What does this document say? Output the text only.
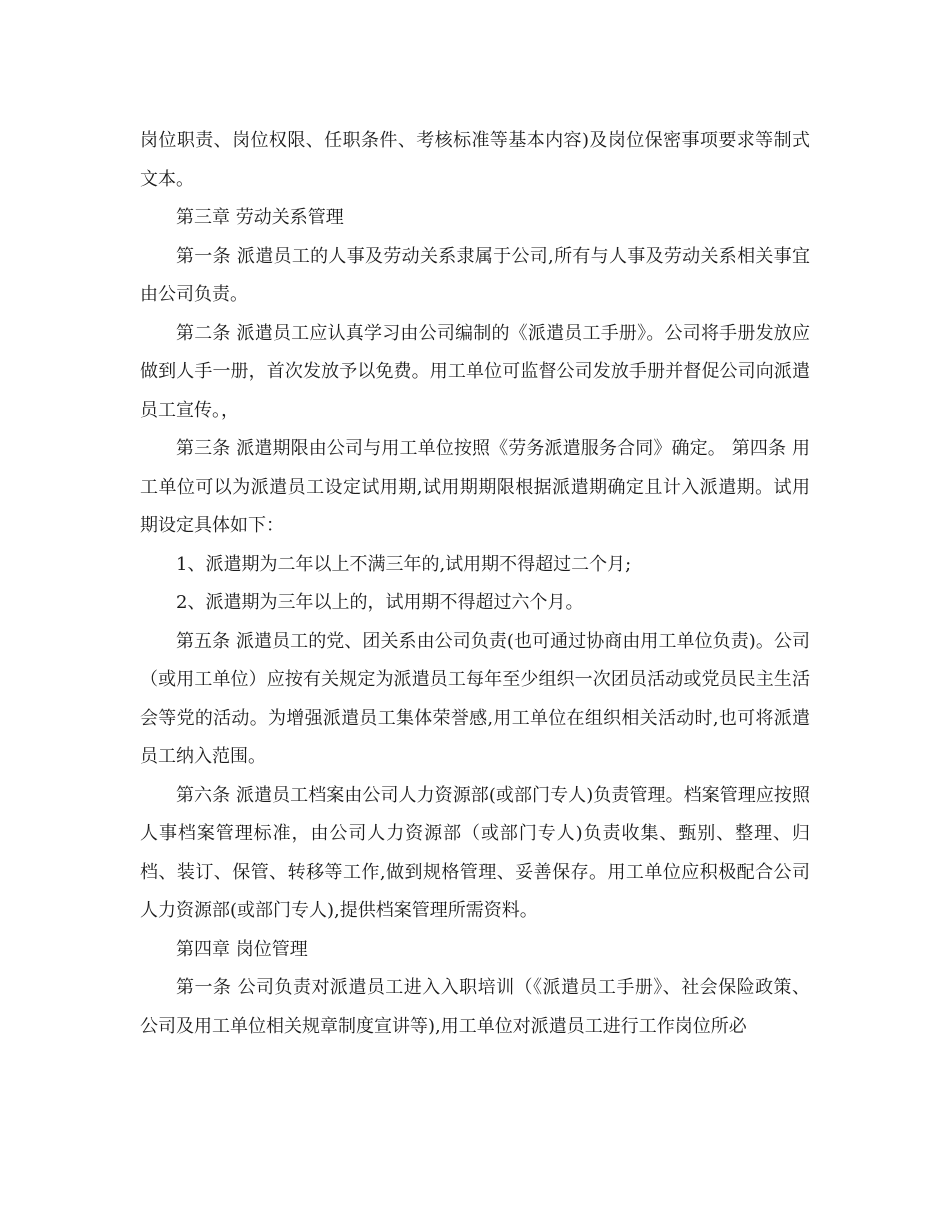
岗位职责、岗位权限、任职条件、考核标准等基本内容)及岗位保密事项要求等制式文本。

第三章 劳动关系管理

第一条 派遣员工的人事及劳动关系隶属于公司,所有与人事及劳动关系相关事宜由公司负责。

第二条 派遣员工应认真学习由公司编制的《派遣员工手册》。公司将手册发放应做到人手一册，首次发放予以免费。用工单位可监督公司发放手册并督促公司向派遣员工宣传。，

第三条 派遣期限由公司与用工单位按照《劳务派遣服务合同》确定。 第四条 用工单位可以为派遣员工设定试用期,试用期期限根据派遣期确定且计入派遣期。试用期设定具体如下：

1、派遣期为二年以上不满三年的,试用期不得超过二个月;

2、派遣期为三年以上的，试用期不得超过六个月。

第五条 派遣员工的党、团关系由公司负责(也可通过协商由用工单位负责)。公司（或用工单位）应按有关规定为派遣员工每年至少组织一次团员活动或党员民主生活会等党的活动。为增强派遣员工集体荣誉感,用工单位在组织相关活动时,也可将派遣员工纳入范围。

第六条 派遣员工档案由公司人力资源部(或部门专人)负责管理。档案管理应按照人事档案管理标准，由公司人力资源部（或部门专人)负责收集、甄别、整理、归档、装订、保管、转移等工作,做到规格管理、妥善保存。用工单位应积极配合公司人力资源部(或部门专人),提供档案管理所需资料。

第四章 岗位管理

第一条 公司负责对派遣员工进入入职培训（《派遣员工手册》、社会保险政策、公司及用工单位相关规章制度宣讲等),用工单位对派遣员工进行工作岗位所必
